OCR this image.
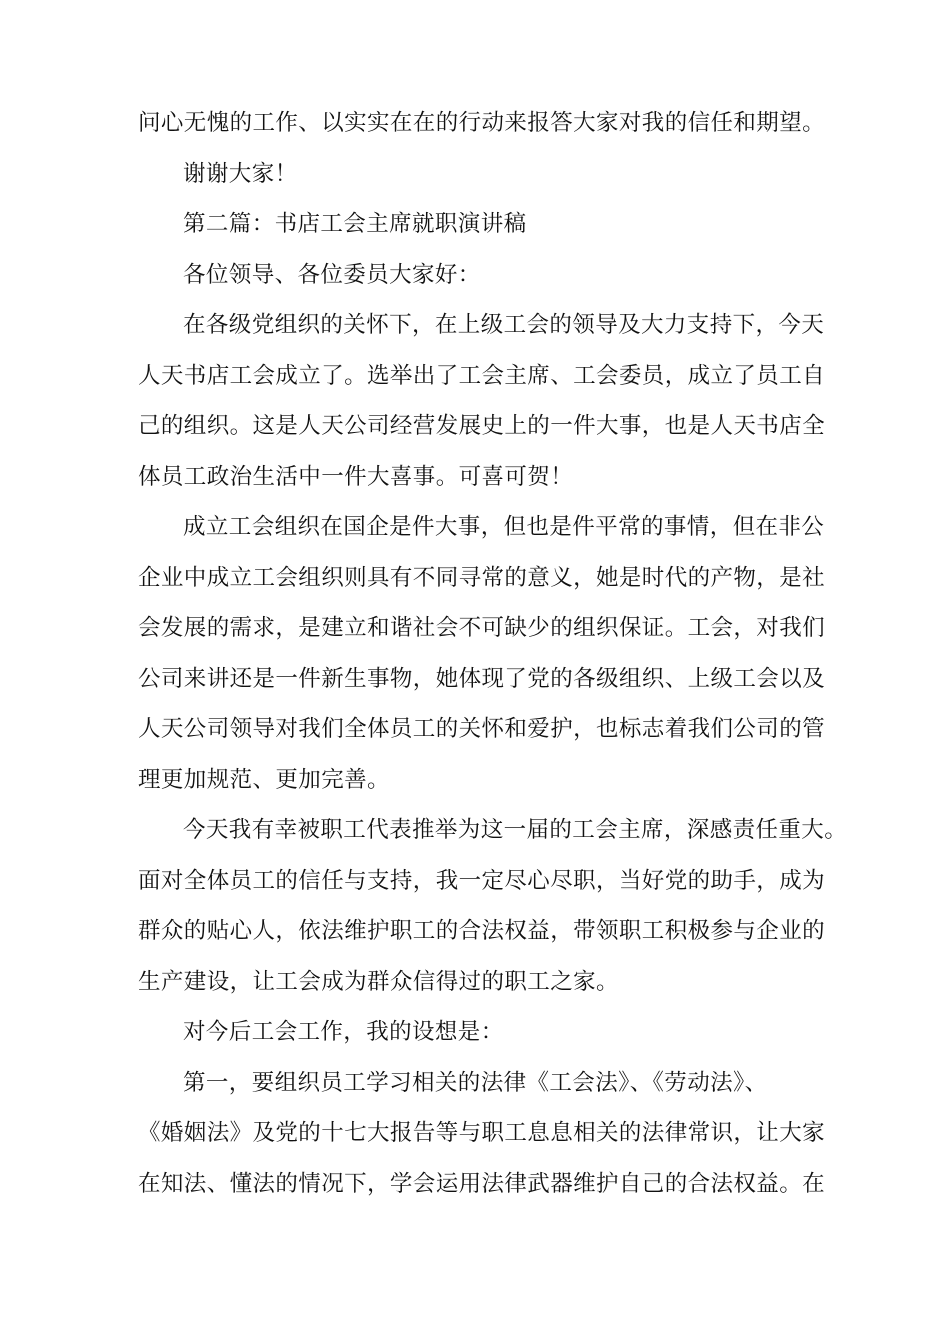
问心无愧的工作、以实实在在的行动来报答大家对我的信任和期望。
谢谢大家！
第二篇：书店工会主席就职演讲稿
各位领导、各位委员大家好：
在各级党组织的关怀下，在上级工会的领导及大力支持下，今天
人天书店工会成立了。选举出了工会主席、工会委员，成立了员工自
己的组织。这是人天公司经营发展史上的一件大事，也是人天书店全
体员工政治生活中一件大喜事。可喜可贺！
成立工会组织在国企是件大事，但也是件平常的事情，但在非公
企业中成立工会组织则具有不同寻常的意义，她是时代的产物，是社
会发展的需求，是建立和谐社会不可缺少的组织保证。工会，对我们
公司来讲还是一件新生事物，她体现了党的各级组织、上级工会以及
人天公司领导对我们全体员工的关怀和爱护，也标志着我们公司的管
理更加规范、更加完善。
今天我有幸被职工代表推举为这一届的工会主席，深感责任重大。
面对全体员工的信任与支持，我一定尽心尽职，当好党的助手，成为
群众的贴心人，依法维护职工的合法权益，带领职工积极参与企业的
生产建设，让工会成为群众信得过的职工之家。
对今后工会工作，我的设想是：
第一，要组织员工学习相关的法律《工会法》、《劳动法》、
《婚姻法》及党的十七大报告等与职工息息相关的法律常识，让大家
在知法、懂法的情况下，学会运用法律武器维护自己的合法权益。在
